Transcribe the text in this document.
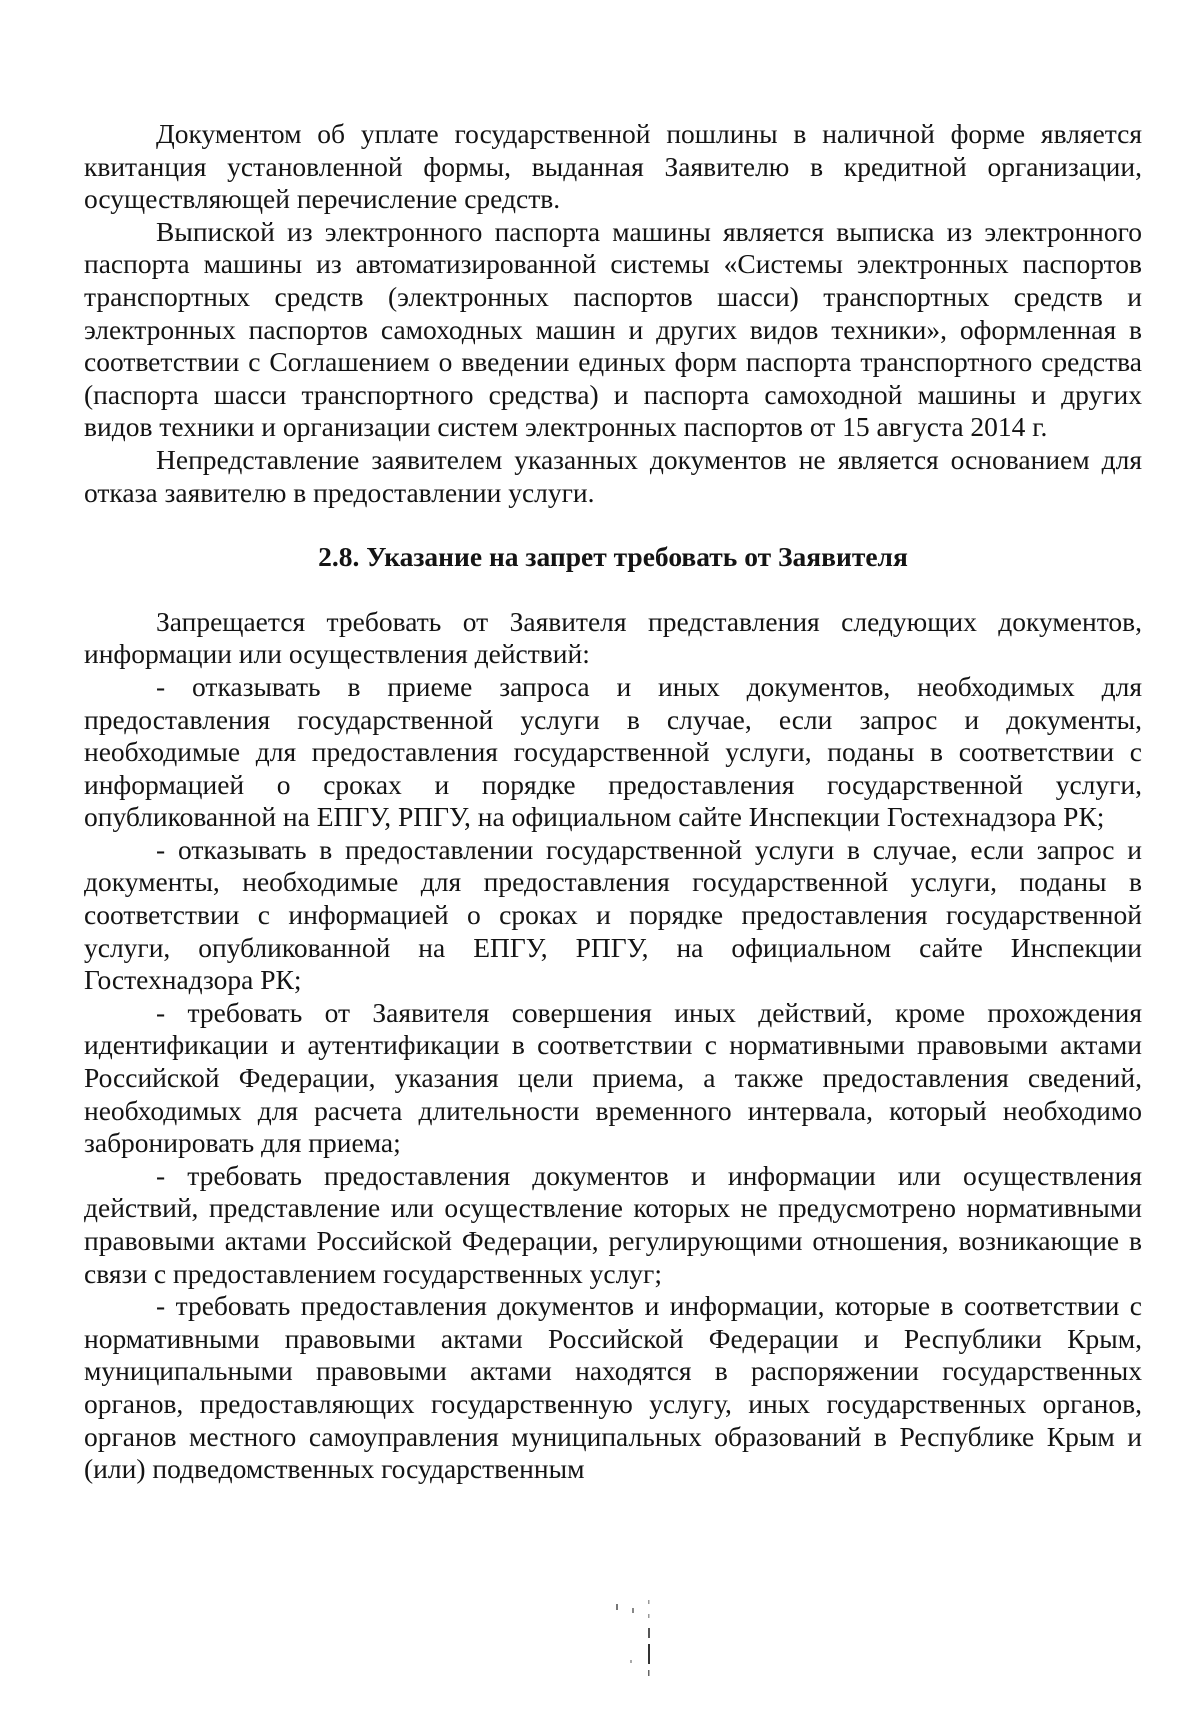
Документом об уплате государственной пошлины в наличной форме является квитанция установленной формы, выданная Заявителю в кредитной организации, осуществляющей перечисление средств.

Выпиской из электронного паспорта машины является выписка из электронного паспорта машины из автоматизированной системы «Системы электронных паспортов транспортных средств (электронных паспортов шасси) транспортных средств и электронных паспортов самоходных машин и других видов техники», оформленная в соответствии с Соглашением о введении единых форм паспорта транспортного средства (паспорта шасси транспортного средства) и паспорта самоходной машины и других видов техники и организации систем электронных паспортов от 15 августа 2014 г.

Непредставление заявителем указанных документов не является основанием для отказа заявителю в предоставлении услуги.

2.8. Указание на запрет требовать от Заявителя

Запрещается требовать от Заявителя представления следующих документов, информации или осуществления действий:

- отказывать в приеме запроса и иных документов, необходимых для предоставления государственной услуги в случае, если запрос и документы, необходимые для предоставления государственной услуги, поданы в соответствии с информацией о сроках и порядке предоставления государственной услуги, опубликованной на ЕПГУ, РПГУ, на официальном сайте Инспекции Гостехнадзора РК;

- отказывать в предоставлении государственной услуги в случае, если запрос и документы, необходимые для предоставления государственной услуги, поданы в соответствии с информацией о сроках и порядке предоставления государственной услуги, опубликованной на ЕПГУ, РПГУ, на официальном сайте Инспекции Гостехнадзора РК;

- требовать от Заявителя совершения иных действий, кроме прохождения идентификации и аутентификации в соответствии с нормативными правовыми актами Российской Федерации, указания цели приема, а также предоставления сведений, необходимых для расчета длительности временного интервала, который необходимо забронировать для приема;

- требовать предоставления документов и информации или осуществления действий, представление или осуществление которых не предусмотрено нормативными правовыми актами Российской Федерации, регулирующими отношения, возникающие в связи с предоставлением государственных услуг;

- требовать предоставления документов и информации, которые в соответствии с нормативными правовыми актами Российской Федерации и Республики Крым, муниципальными правовыми актами находятся в распоряжении государственных органов, предоставляющих государственную услугу, иных государственных органов, органов местного самоуправления муниципальных образований в Республике Крым и (или) подведомственных государственным
